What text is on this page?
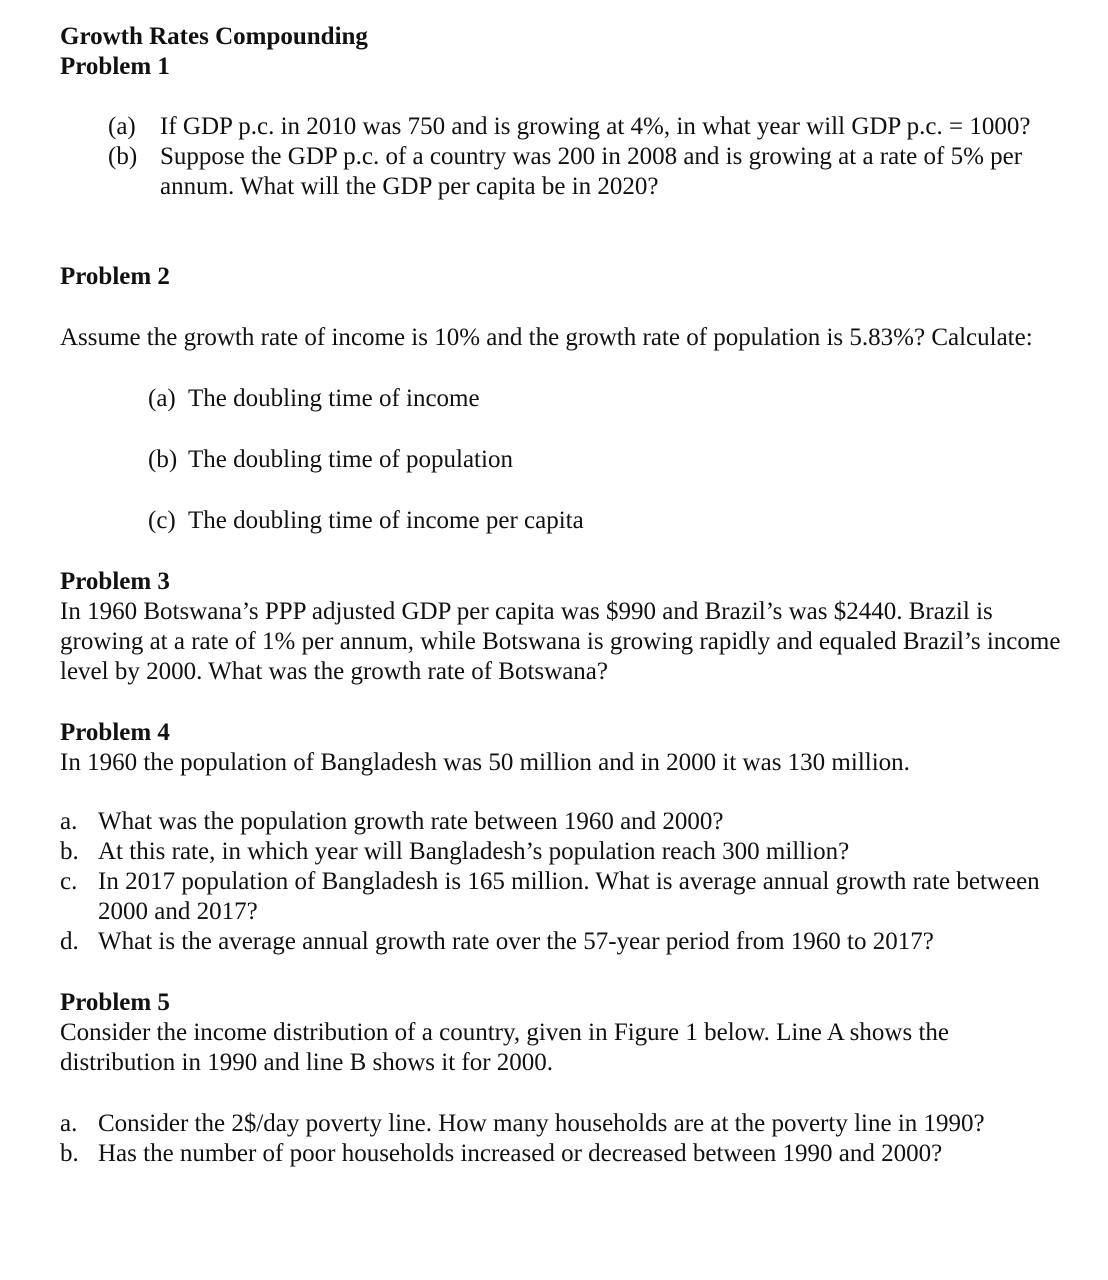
Growth Rates Compounding
Problem 1
(a) If GDP p.c. in 2010 was 750 and is growing at 4%, in what year will GDP p.c. = 1000?
(b) Suppose the GDP p.c. of a country was 200 in 2008 and is growing at a rate of 5% per annum. What will the GDP per capita be in 2020?
Problem 2
Assume the growth rate of income is 10% and the growth rate of population is 5.83%? Calculate:
(a) The doubling time of income
(b) The doubling time of population
(c) The doubling time of income per capita
Problem 3
In 1960 Botswana’s PPP adjusted GDP per capita was $990 and Brazil’s was $2440. Brazil is growing at a rate of 1% per annum, while Botswana is growing rapidly and equaled Brazil’s income level by 2000. What was the growth rate of Botswana?
Problem 4
In 1960 the population of Bangladesh was 50 million and in 2000 it was 130 million.
a. What was the population growth rate between 1960 and 2000?
b. At this rate, in which year will Bangladesh’s population reach 300 million?
c. In 2017 population of Bangladesh is 165 million. What is average annual growth rate between 2000 and 2017?
d. What is the average annual growth rate over the 57-year period from 1960 to 2017?
Problem 5
Consider the income distribution of a country, given in Figure 1 below. Line A shows the distribution in 1990 and line B shows it for 2000.
a. Consider the 2$/day poverty line. How many households are at the poverty line in 1990?
b. Has the number of poor households increased or decreased between 1990 and 2000?
